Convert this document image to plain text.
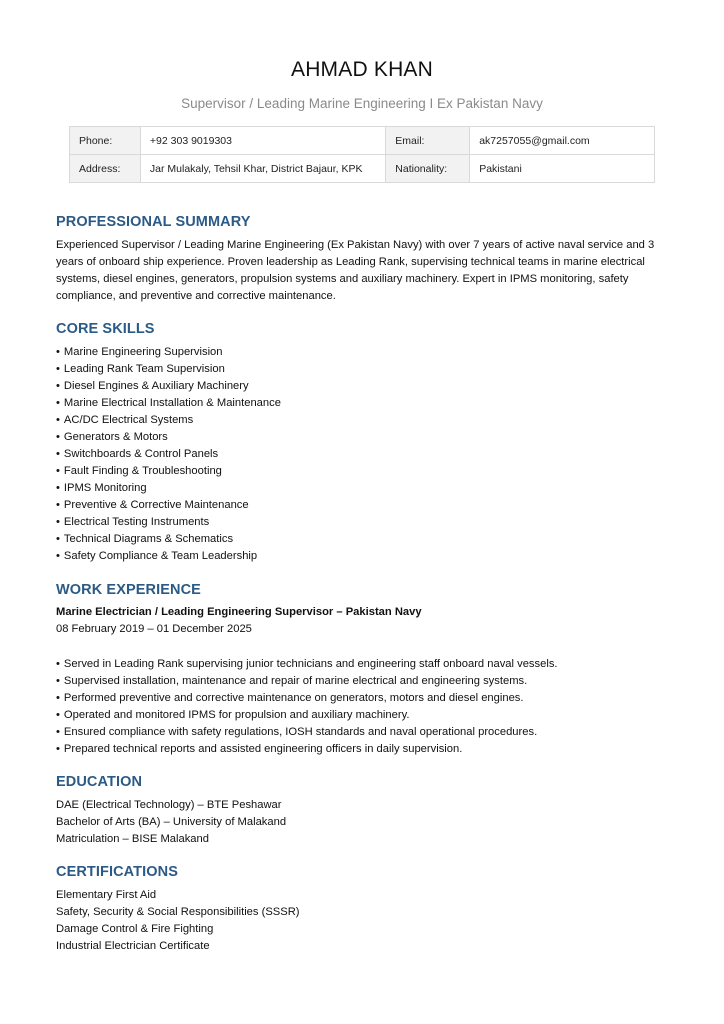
AHMAD KHAN
Supervisor / Leading Marine Engineering I Ex Pakistan Navy
Phone:	+92 303 9019303	Email:	ak7257055@gmail.com
Address:	Jar Mulakaly, Tehsil Khar, District Bajaur, KPK	Nationality:	Pakistani
PROFESSIONAL SUMMARY
Experienced Supervisor / Leading Marine Engineering (Ex Pakistan Navy) with over 7 years of active naval service and 3 years of onboard ship experience. Proven leadership as Leading Rank, supervising technical teams in marine electrical systems, diesel engines, generators, propulsion systems and auxiliary machinery. Expert in IPMS monitoring, safety compliance, and preventive and corrective maintenance.
CORE SKILLS
• Marine Engineering Supervision
• Leading Rank Team Supervision
• Diesel Engines & Auxiliary Machinery
• Marine Electrical Installation & Maintenance
• AC/DC Electrical Systems
• Generators & Motors
• Switchboards & Control Panels
• Fault Finding & Troubleshooting
• IPMS Monitoring
• Preventive & Corrective Maintenance
• Electrical Testing Instruments
• Technical Diagrams & Schematics
• Safety Compliance & Team Leadership
WORK EXPERIENCE
Marine Electrician / Leading Engineering Supervisor – Pakistan Navy
08 February 2019 – 01 December 2025
• Served in Leading Rank supervising junior technicians and engineering staff onboard naval vessels.
• Supervised installation, maintenance and repair of marine electrical and engineering systems.
• Performed preventive and corrective maintenance on generators, motors and diesel engines.
• Operated and monitored IPMS for propulsion and auxiliary machinery.
• Ensured compliance with safety regulations, IOSH standards and naval operational procedures.
• Prepared technical reports and assisted engineering officers in daily supervision.
EDUCATION
DAE (Electrical Technology) – BTE Peshawar
Bachelor of Arts (BA) – University of Malakand
Matriculation – BISE Malakand
CERTIFICATIONS
Elementary First Aid
Safety, Security & Social Responsibilities (SSSR)
Damage Control & Fire Fighting
Industrial Electrician Certificate
